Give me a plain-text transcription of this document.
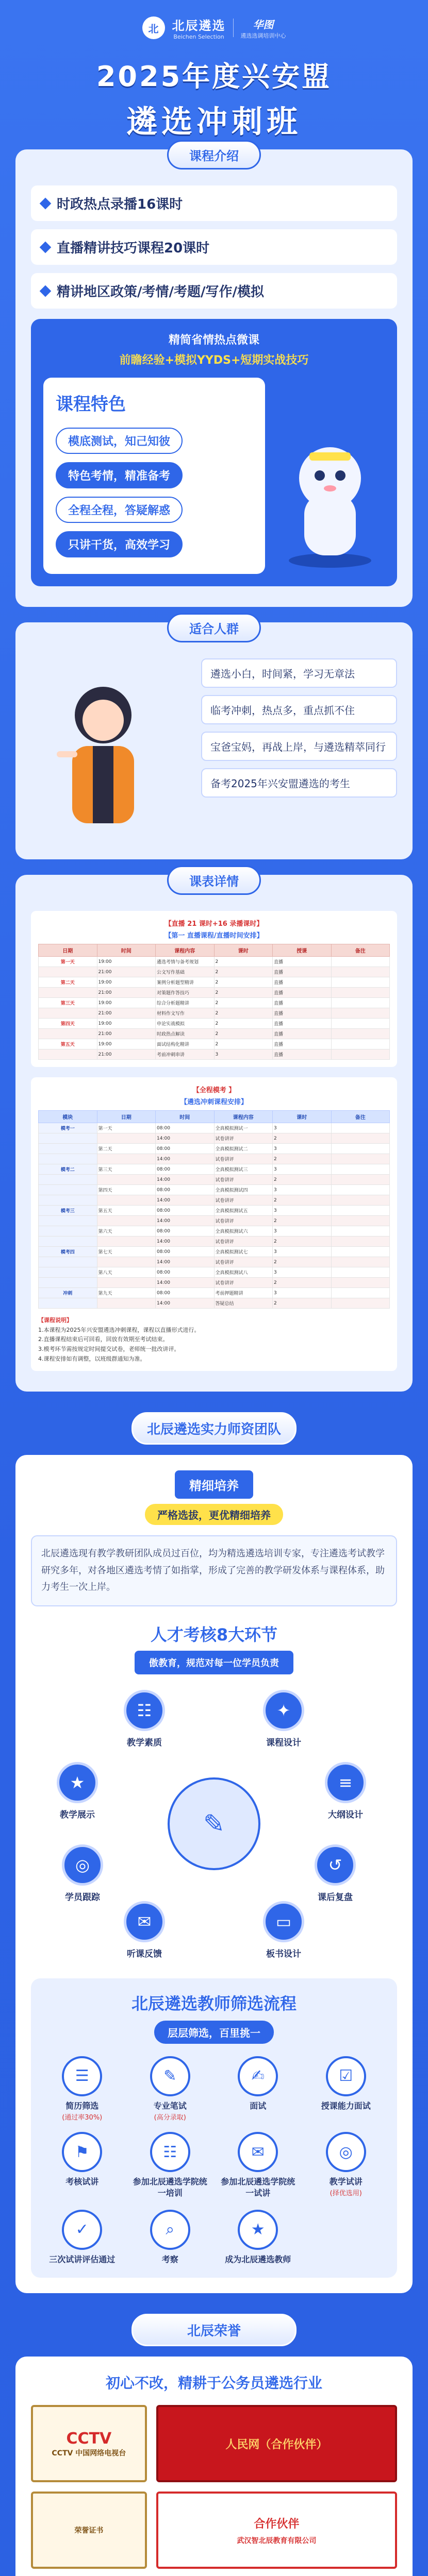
北	北辰遴选
Beichen Selection
华图
遴选选调培训中心
2025年度兴安盟
遴选冲刺班
课程介绍
时政热点录播16课时
直播精讲技巧课程20课时
精讲地区政策/考情/考题/写作/模拟
精简省情热点微课
前瞻经验+模拟YYDS+短期实战技巧
课程特色
模底测试，知己知彼
特色考情，精准备考
全程全程，答疑解惑
只讲干货，高效学习
适合人群
遴选小白，时间紧，学习无章法
临考冲刺，热点多，重点抓不住
宝爸宝妈，再战上岸，与遴选精萃同行
备考2025年兴安盟遴选的考生
课表详情
【直播 21 课时+16 录播课时】
【第一 直播课程/直播时间安排】
日期	时间	课程内容	课时	授课	备注
第一天	19:00	遴选考情与备考规划	2	直播	
	21:00	公文写作基础	2	直播	
第二天	19:00	案例分析题型精讲	2	直播	
	21:00	对策题作答技巧	2	直播	
第三天	19:00	综合分析题精讲	2	直播	
	21:00	材料作文写作	2	直播	
第四天	19:00	申论实战模拟	2	直播	
	21:00	时政热点解读	2	直播	
第五天	19:00	面试结构化精讲	2	直播	
	21:00	考前冲刺串讲	3	直播	
【全程模考 】
【遴选冲刺课程安排】
模块	日期	时间	课程内容	课时	备注
模考一	第一天	08:00	全真模拟测试一	3	
		14:00	试卷讲评	2	
	第二天	08:00	全真模拟测试二	3	
		14:00	试卷讲评	2	
模考二	第三天	08:00	全真模拟测试三	3	
		14:00	试卷讲评	2	
	第四天	08:00	全真模拟测试四	3	
		14:00	试卷讲评	2	
模考三	第五天	08:00	全真模拟测试五	3	
		14:00	试卷讲评	2	
	第六天	08:00	全真模拟测试六	3	
		14:00	试卷讲评	2	
模考四	第七天	08:00	全真模拟测试七	3	
		14:00	试卷讲评	2	
	第八天	08:00	全真模拟测试八	3	
		14:00	试卷讲评	2	
冲刺	第九天	08:00	考前押题精讲	3	
		14:00	答疑总结	2	
【课程说明】
1.本课程为2025年兴安盟遴选冲刺课程，课程以直播形式进行。
2.直播课程结束后可回看，回放有效期至考试结束。
3.模考环节需按规定时间提交试卷，老师统一批改讲评。
4.课程安排如有调整，以班级群通知为准。
北辰遴选实力师资团队
精细培养
严格选拔，更优精细培养
北辰遴选现有教学教研团队成员过百位，均为精选遴选培训专家，专注遴选考试教学研究多年，对各地区遴选考情了如指掌，形成了完善的教学研发体系与课程体系，助力考生一次上岸。
人才考核8大环节
傲教育，规范对每一位学员负责
✎
☷
教学素质
✦
课程设计
≡
大纲设计
↺
课后复盘
▭
板书设计
✉
听课反馈
◎
学员跟踪
★
教学展示
北辰遴选教师筛选流程
层层筛选，百里挑一
☰
简历筛选
(通过率30%)
✎
专业笔试
(高分录取)
✍
面试
☑
授课能力面试
⚑
考核试讲
☷
参加北辰遴选学院统一培训
✉
参加北辰遴选学院统一试讲
◎
教学试讲
(择优选用)
✓
三次试讲评估通过
⌕
考察
★
成为北辰遴选教师
北辰荣誉
初心不改，精耕于公务员遴选行业
CCTV
CCTV 中国网络电视台
人民网（合作伙伴）
荣誉证书
合作伙伴
武汉智北辰教育有限公司
